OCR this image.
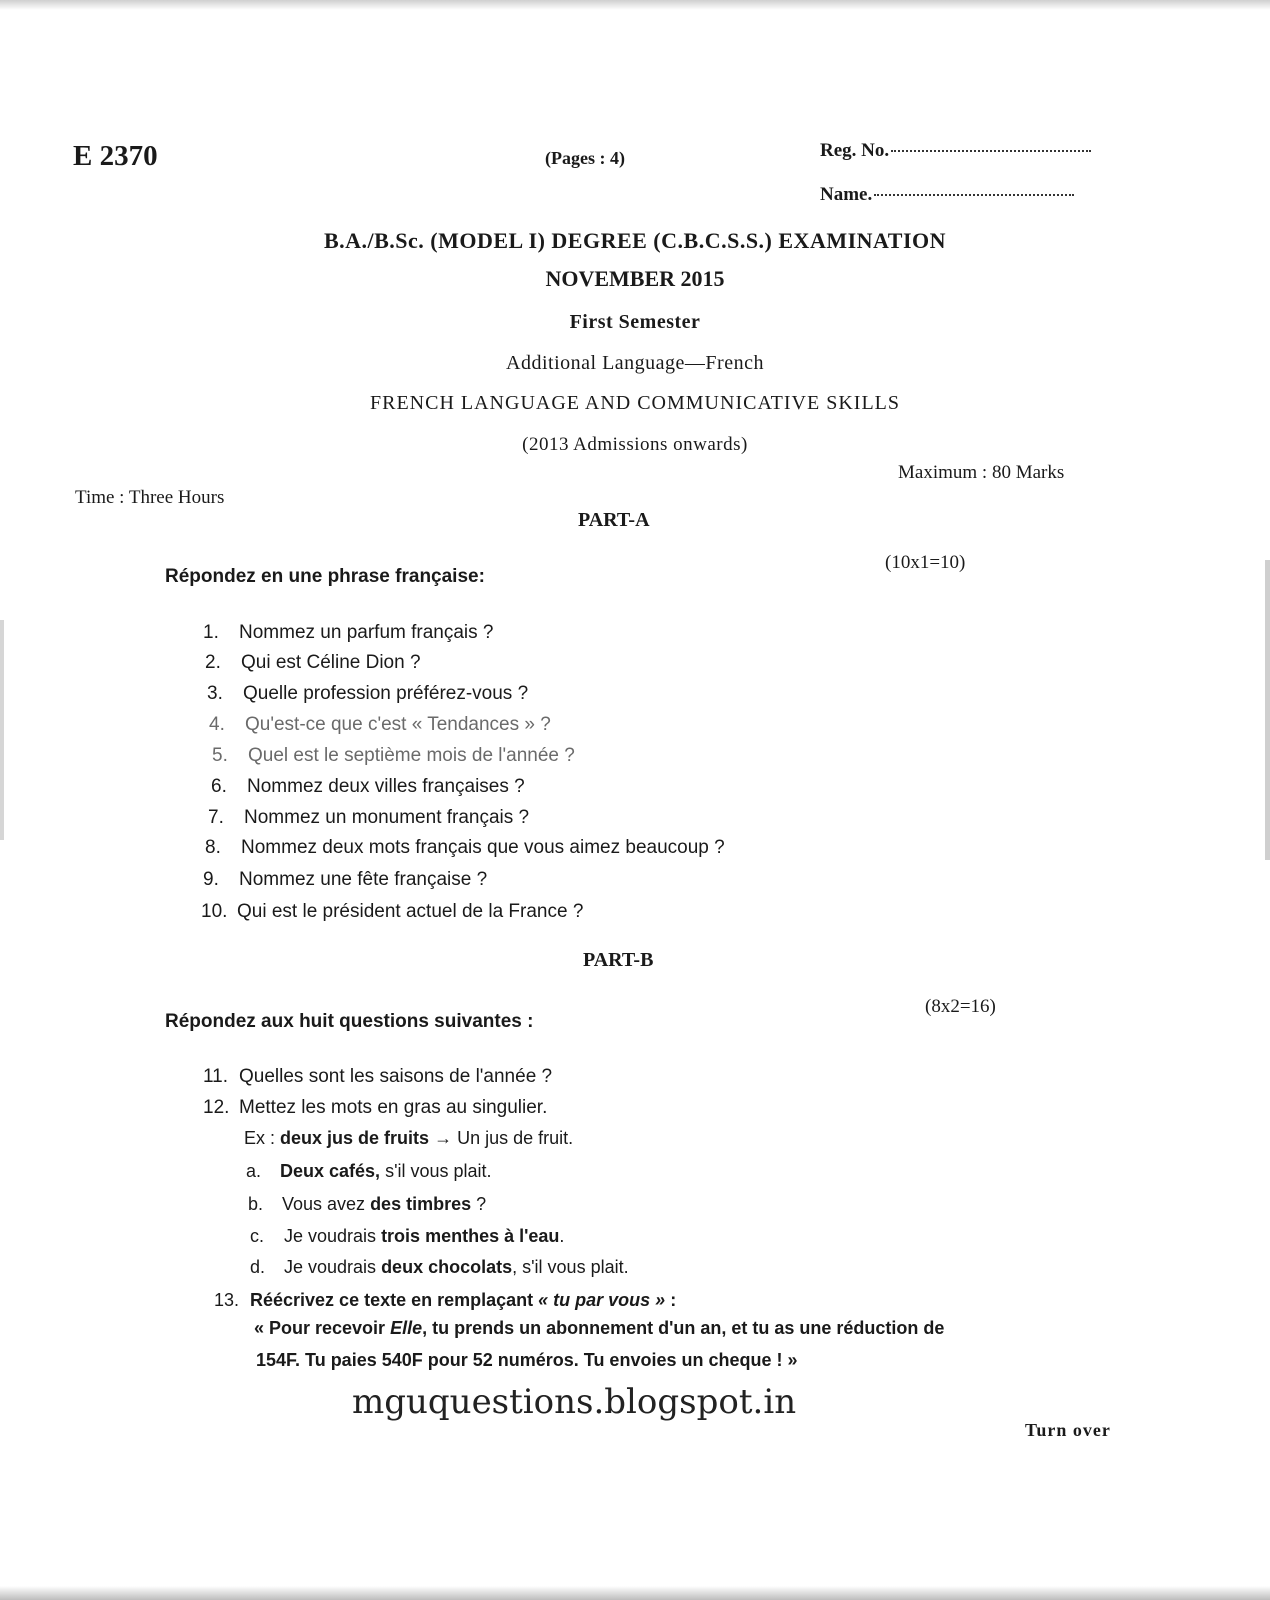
E 2370	(Pages : 4)	Reg. No.
Name.
B.A./B.Sc. (MODEL I) DEGREE (C.B.C.S.S.) EXAMINATION
NOVEMBER 2015
First Semester
Additional Language—French
FRENCH LANGUAGE AND COMMUNICATIVE SKILLS
(2013 Admissions onwards)
Maximum : 80 Marks
Time : Three Hours
PART-A
(10x1=10)
Répondez en une phrase française:
1. Nommez un parfum français ?
2. Qui est Céline Dion ?
3. Quelle profession préférez-vous ?
4. Qu'est-ce que c'est « Tendances » ?
5. Quel est le septième mois de l'année ?
6. Nommez deux villes françaises ?
7. Nommez un monument français ?
8. Nommez deux mots français que vous aimez beaucoup ?
9. Nommez une fête française ?
10. Qui est le président actuel de la France ?
PART-B
(8x2=16)
Répondez aux huit questions suivantes :
11. Quelles sont les saisons de l'année ?
12. Mettez les mots en gras au singulier.
Ex : deux jus de fruits → Un jus de fruit.
a. Deux cafés, s'il vous plait.
b. Vous avez des timbres ?
c. Je voudrais trois menthes à l'eau.
d. Je voudrais deux chocolats, s'il vous plait.
13. Réécrivez ce texte en remplaçant « tu par vous » :
« Pour recevoir Elle, tu prends un abonnement d'un an, et tu as une réduction de
154F. Tu paies 540F pour 52 numéros. Tu envoies un cheque ! »
mguquestions.blogspot.in
Turn over
